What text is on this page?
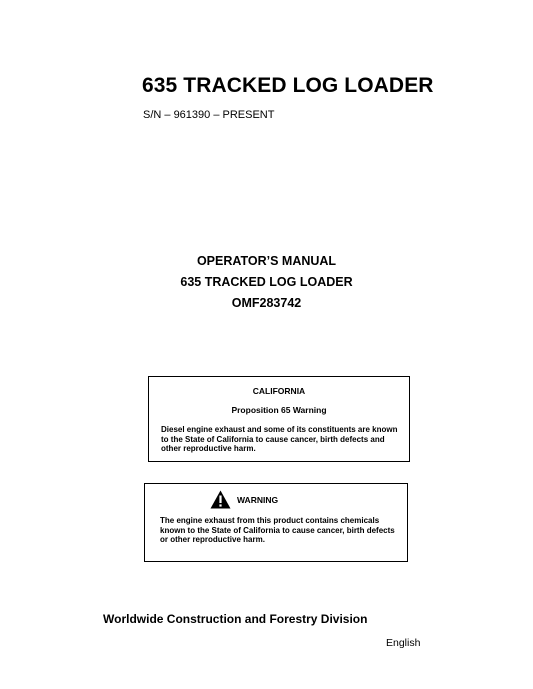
635 TRACKED LOG LOADER
S/N – 961390 – PRESENT
OPERATOR’S MANUAL
635 TRACKED LOG LOADER
OMF283742
CALIFORNIA
Proposition 65 Warning
Diesel engine exhaust and some of its constituents are known to the State of California to cause cancer, birth defects and other reproductive harm.
WARNING
The engine exhaust from this product contains chemicals known to the State of California to cause cancer, birth defects or other reproductive harm.
Worldwide Construction and Forestry Division
English
